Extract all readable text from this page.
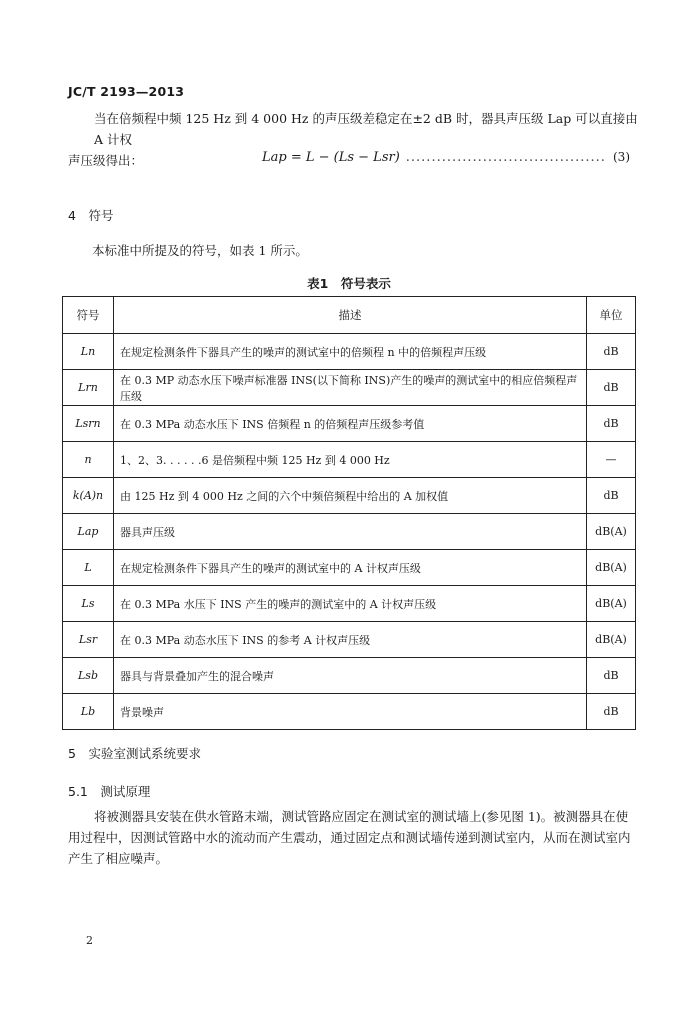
JC/T 2193—2013
当在倍频程中频 125 Hz 到 4 000 Hz 的声压级差稳定在±2 dB 时，器具声压级 Lap 可以直接由 A 计权
声压级得出：	Lap = L − (Ls − Lsr) .....	(3)
4　符号
本标准中所提及的符号，如表 1 所示。
表1　符号表示
符号	描述	单位
Ln	在规定检测条件下器具产生的噪声的测试室中的倍频程 n 中的倍频程声压级	dB
Lrn	在 0.3 MP 动态水压下噪声标准器 INS(以下简称 INS)产生的噪声的测试室中的相应倍频程声压级	dB
Lsrn	在 0.3 MPa 动态水压下 INS 倍频程 n 的倍频程声压级参考值	dB
n	1、2、3. . . . . .6 是倍频程中频 125 Hz 到 4 000 Hz	—
k(A)n	由 125 Hz 到 4 000 Hz 之间的六个中频倍频程中给出的 A 加权值	dB
Lap	器具声压级	dB(A)
L	在规定检测条件下器具产生的噪声的测试室中的 A 计权声压级	dB(A)
Ls	在 0.3 MPa 水压下 INS 产生的噪声的测试室中的 A 计权声压级	dB(A)
Lsr	在 0.3 MPa 动态水压下 INS 的参考 A 计权声压级	dB(A)
Lsb	器具与背景叠加产生的混合噪声	dB
Lb	背景噪声	dB
5　实验室测试系统要求
5.1　测试原理
将被测器具安装在供水管路末端，测试管路应固定在测试室的测试墙上(参见图 1)。被测器具在使
用过程中，因测试管路中水的流动而产生震动，通过固定点和测试墙传递到测试室内，从而在测试室内
产生了相应噪声。
2
